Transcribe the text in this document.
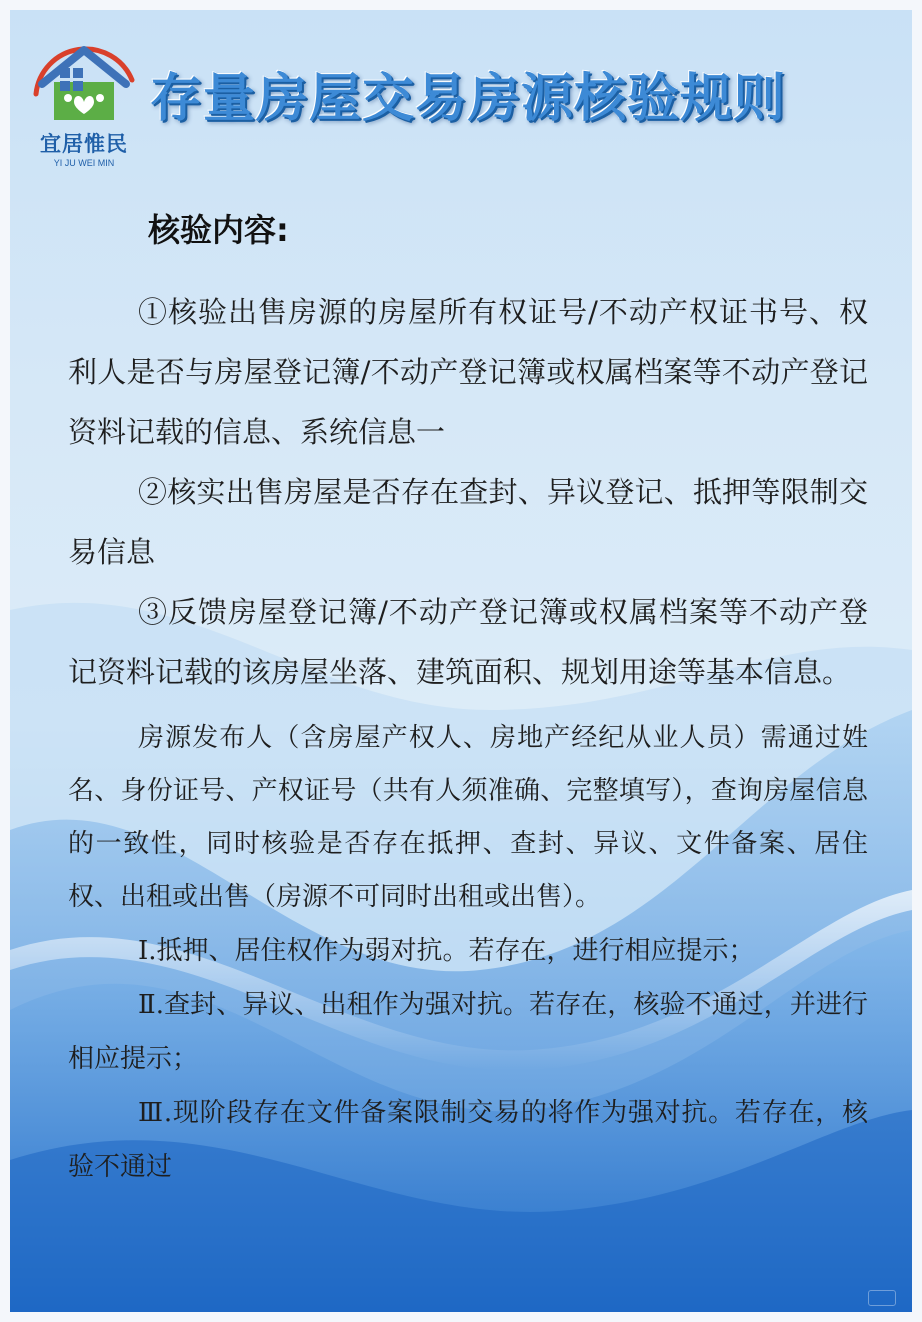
宜居惟民
YI JU WEI MIN
存量房屋交易房源核验规则
核验内容:

①核验出售房源的房屋所有权证号/不动产权证书号、权利人是否与房屋登记簿/不动产登记簿或权属档案等不动产登记资料记载的信息、系统信息一

②核实出售房屋是否存在查封、异议登记、抵押等限制交易信息

③反馈房屋登记簿/不动产登记簿或权属档案等不动产登记资料记载的该房屋坐落、建筑面积、规划用途等基本信息。

房源发布人（含房屋产权人、房地产经纪从业人员）需通过姓名、身份证号、产权证号（共有人须准确、完整填写），查询房屋信息的一致性，同时核验是否存在抵押、查封、异议、文件备案、居住权、出租或出售（房源不可同时出租或出售）。

Ⅰ.抵押、居住权作为弱对抗。若存在，进行相应提示；

Ⅱ.查封、异议、出租作为强对抗。若存在，核验不通过，并进行相应提示；

Ⅲ.现阶段存在文件备案限制交易的将作为强对抗。若存在，核验不通过
